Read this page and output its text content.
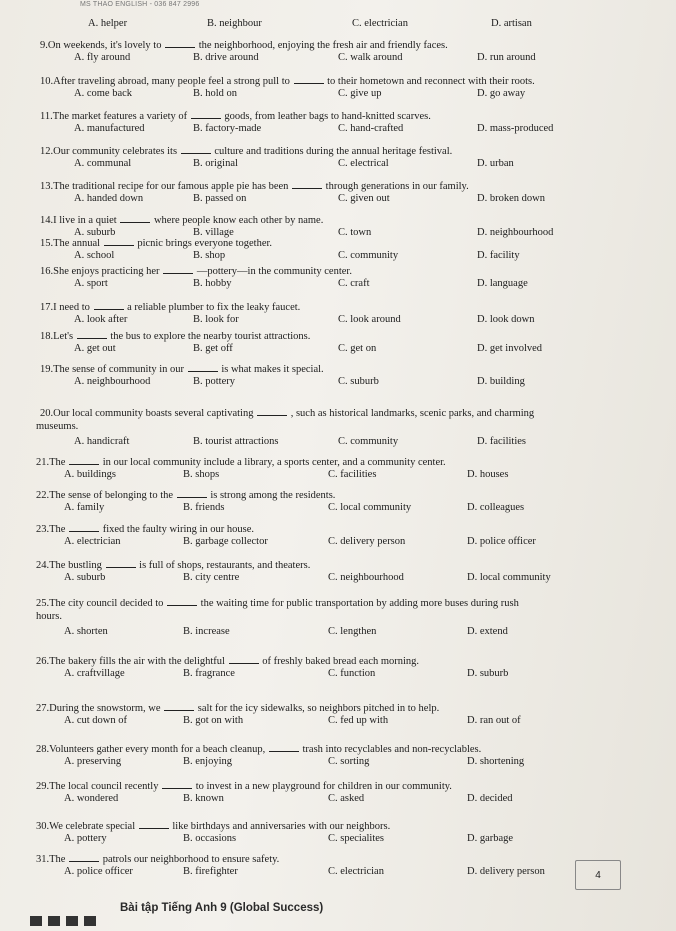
MS THAO ENGLISH - 036 847 2996
A. helper	B. neighbour	C. electrician	D. artisan
9.On weekends, it's lovely to	the neighborhood, enjoying the fresh air and friendly faces.
A. fly around	B. drive around	C. walk around	D. run around
10.After traveling abroad, many people feel a strong pull to	to their hometown and reconnect with their roots.
A. come back	B. hold on	C. give up	D. go away
11.The market features a variety of	goods, from leather bags to hand-knitted scarves.
A. manufactured	B. factory-made	C. hand-crafted	D. mass-produced
12.Our community celebrates its	culture and traditions during the annual heritage festival.
A. communal	B. original	C. electrical	D. urban
13.The traditional recipe for our famous apple pie has been	through generations in our family.
A. handed down	B. passed on	C. given out	D. broken down
14.I live in a quiet	where people know each other by name.
A. suburb	B. village	C. town	D. neighbourhood
15.The annual	picnic brings everyone together.
A. school	B. shop	C. community	D. facility
16.She enjoys practicing her	—pottery—in the community center.
A. sport	B. hobby	C. craft	D. language
17.I need to	a reliable plumber to fix the leaky faucet.
A. look after	B. look for	C. look around	D. look down
18.Let's	the bus to explore the nearby tourist attractions.
A. get out	B. get off	C. get on	D. get involved
19.The sense of community in our	is what makes it special.
A. neighbourhood	B. pottery	C. suburb	D. building
20.Our local community boasts several captivating	, such as historical landmarks, scenic parks, and charming
museums.
A. handicraft	B. tourist attractions	C. community	D. facilities
21.The	in our local community include a library, a sports center, and a community center.
A. buildings	B. shops	C. facilities	D. houses
22.The sense of belonging to the	is strong among the residents.
A. family	B. friends	C. local community	D. colleagues
23.The	fixed the faulty wiring in our house.
A. electrician	B. garbage collector	C. delivery person	D. police officer
24.The bustling	is full of shops, restaurants, and theaters.
A. suburb	B. city centre	C. neighbourhood	D. local community
25.The city council decided to	the waiting time for public transportation by adding more buses during rush
hours.
A. shorten	B. increase	C. lengthen	D. extend
26.The bakery fills the air with the delightful	of freshly baked bread each morning.
A. craftvillage	B. fragrance	C. function	D. suburb
27.During the snowstorm, we	salt for the icy sidewalks, so neighbors pitched in to help.
A. cut down of	B. got on with	C. fed up with	D. ran out of
28.Volunteers gather every month for a beach cleanup,	trash into recyclables and non-recyclables.
A. preserving	B. enjoying	C. sorting	D. shortening
29.The local council recently	to invest in a new playground for children in our community.
A. wondered	B. known	C. asked	D. decided
30.We celebrate special	like birthdays and anniversaries with our neighbors.
A. pottery	B. occasions	C. specialites	D. garbage
31.The	patrols our neighborhood to ensure safety.
A. police officer	B. firefighter	C. electrician	D. delivery person	4
Bài tập Tiếng Anh 9 (Global Success)
